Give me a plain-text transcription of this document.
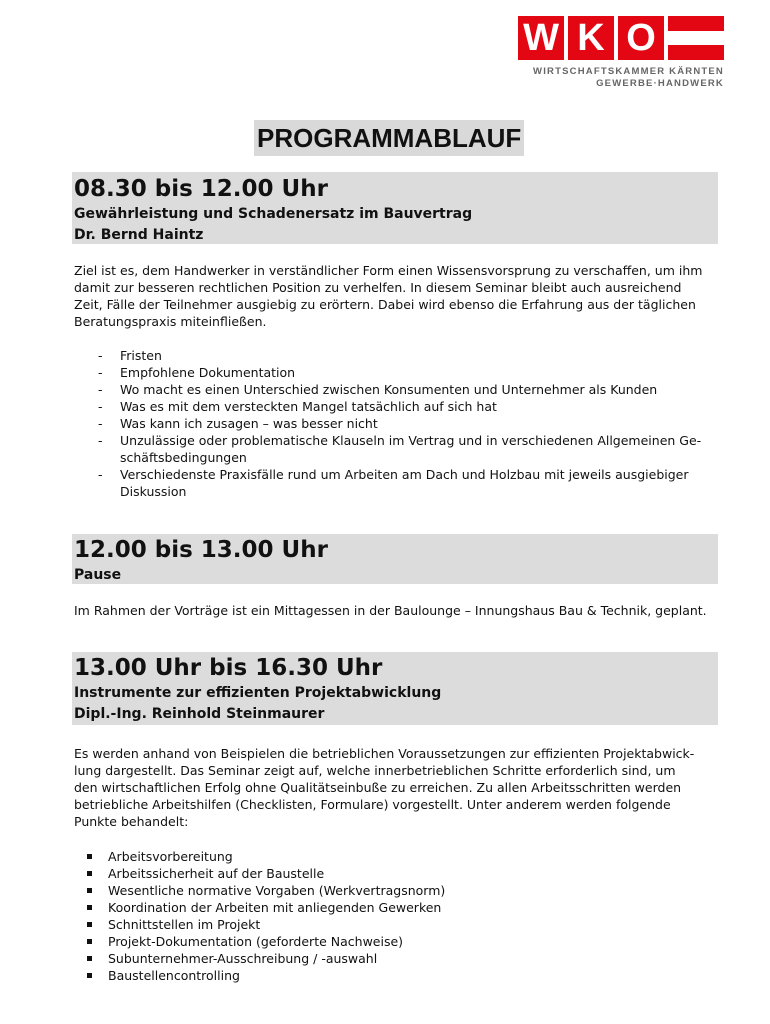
W K O
WIRTSCHAFTSKAMMER KÄRNTEN
GEWERBE·HANDWERK
PROGRAMMABLAUF
08.30 bis 12.00 Uhr
Gewährleistung und Schadenersatz im Bauvertrag
Dr. Bernd Haintz
Ziel ist es, dem Handwerker in verständlicher Form einen Wissensvorsprung zu verschaffen, um ihm
damit zur besseren rechtlichen Position zu verhelfen. In diesem Seminar bleibt auch ausreichend
Zeit, Fälle der Teilnehmer ausgiebig zu erörtern. Dabei wird ebenso die Erfahrung aus der täglichen
Beratungspraxis miteinfließen.
- Fristen
- Empfohlene Dokumentation
- Wo macht es einen Unterschied zwischen Konsumenten und Unternehmer als Kunden
- Was es mit dem versteckten Mangel tatsächlich auf sich hat
- Was kann ich zusagen – was besser nicht
- Unzulässige oder problematische Klauseln im Vertrag und in verschiedenen Allgemeinen Ge-
schäftsbedingungen
- Verschiedenste Praxisfälle rund um Arbeiten am Dach und Holzbau mit jeweils ausgiebiger
Diskussion
12.00 bis 13.00 Uhr
Pause
Im Rahmen der Vorträge ist ein Mittagessen in der Baulounge – Innungshaus Bau & Technik, geplant.
13.00 Uhr bis 16.30 Uhr
Instrumente zur effizienten Projektabwicklung
Dipl.-Ing. Reinhold Steinmaurer
Es werden anhand von Beispielen die betrieblichen Voraussetzungen zur effizienten Projektabwick-
lung dargestellt. Das Seminar zeigt auf, welche innerbetrieblichen Schritte erforderlich sind, um
den wirtschaftlichen Erfolg ohne Qualitätseinbuße zu erreichen. Zu allen Arbeitsschritten werden
betriebliche Arbeitshilfen (Checklisten, Formulare) vorgestellt. Unter anderem werden folgende
Punkte behandelt:
Arbeitsvorbereitung
Arbeitssicherheit auf der Baustelle
Wesentliche normative Vorgaben (Werkvertragsnorm)
Koordination der Arbeiten mit anliegenden Gewerken
Schnittstellen im Projekt
Projekt-Dokumentation (geforderte Nachweise)
Subunternehmer-Ausschreibung / -auswahl
Baustellencontrolling
